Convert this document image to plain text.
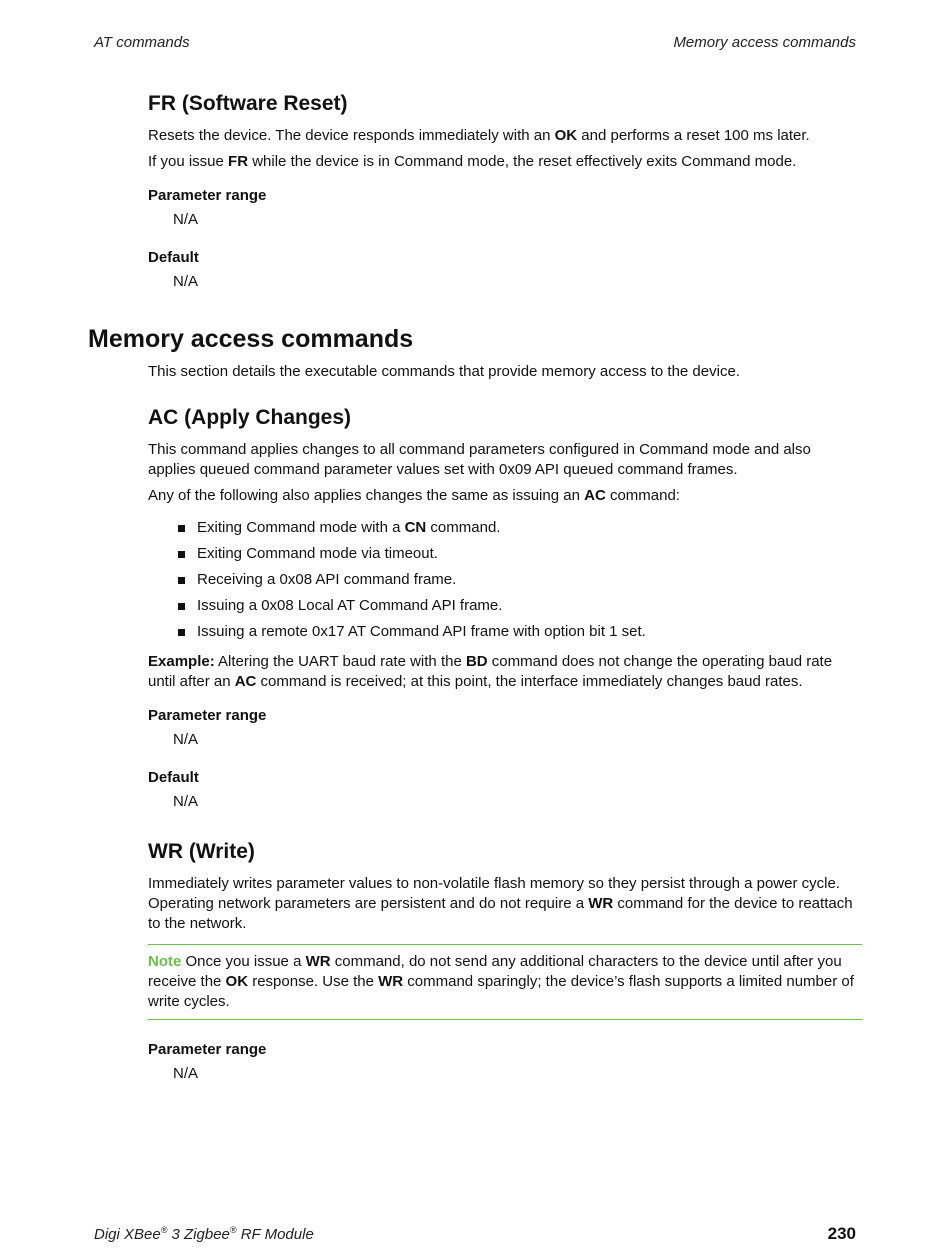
AT commands	Memory access commands
FR (Software Reset)

Resets the device. The device responds immediately with an OK and performs a reset 100 ms later.

If you issue FR while the device is in Command mode, the reset effectively exits Command mode.

Parameter range
N/A
Default
N/A
Memory access commands

This section details the executable commands that provide memory access to the device.

AC (Apply Changes)

This command applies changes to all command parameters configured in Command mode and also applies queued command parameter values set with 0x09 API queued command frames.

Any of the following also applies changes the same as issuing an AC command:

Exiting Command mode with a CN command.
Exiting Command mode via timeout.
Receiving a 0x08 API command frame.
Issuing a 0x08 Local AT Command API frame.
Issuing a remote 0x17 AT Command API frame with option bit 1 set.

Example: Altering the UART baud rate with the BD command does not change the operating baud rate until after an AC command is received; at this point, the interface immediately changes baud rates.

Parameter range
N/A
Default
N/A
WR (Write)

Immediately writes parameter values to non-volatile flash memory so they persist through a power cycle. Operating network parameters are persistent and do not require a WR command for the device to reattach to the network.

Note Once you issue a WR command, do not send any additional characters to the device until after you receive the OK response. Use the WR command sparingly; the device’s flash supports a limited number of write cycles.
Parameter range
N/A
Digi XBee® 3 Zigbee® RF Module	230
